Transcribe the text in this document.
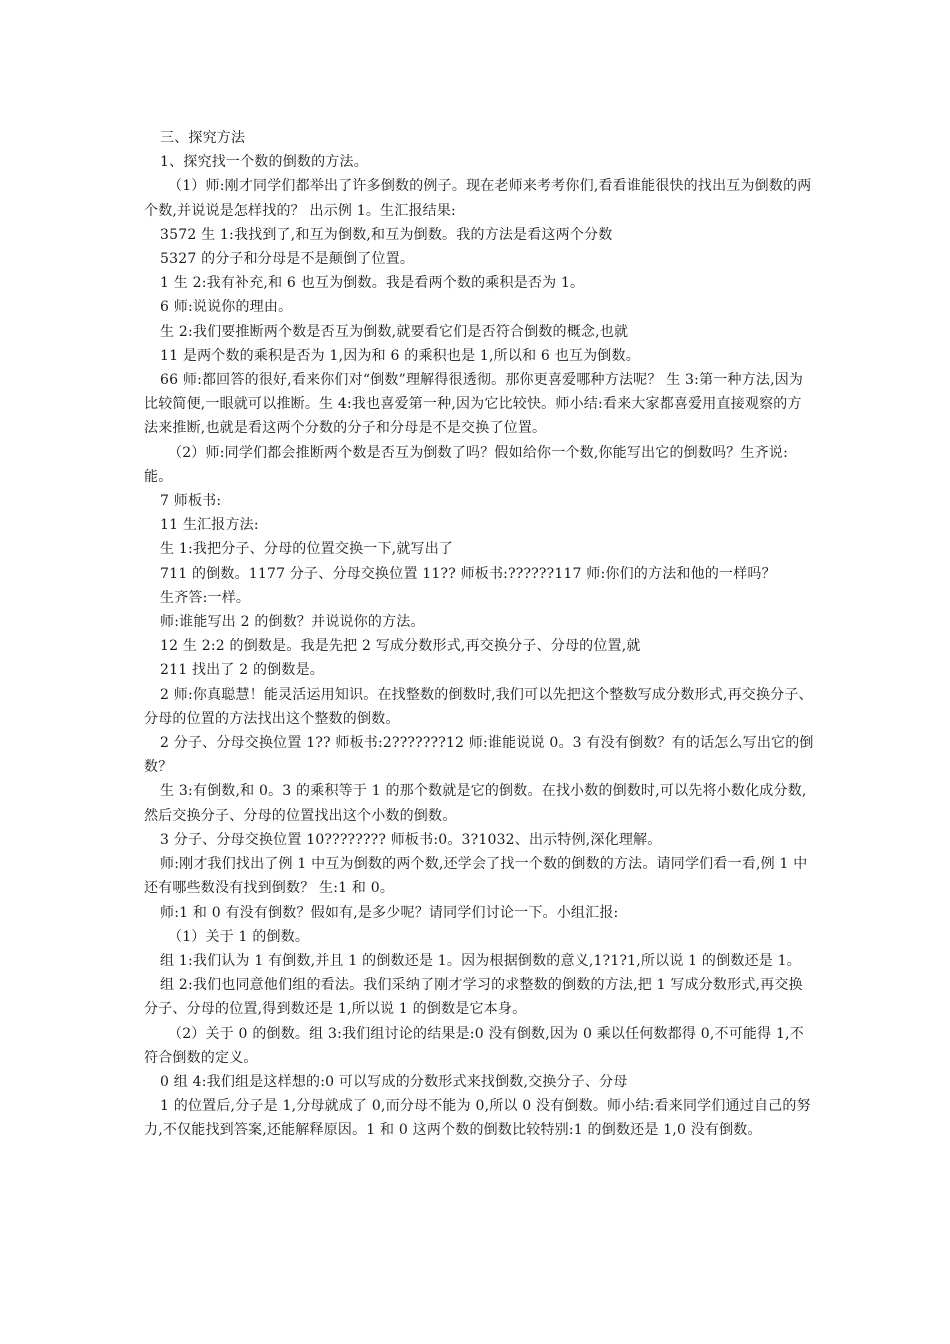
三、探究方法

1、探究找一个数的倒数的方法。

（1）师:刚才同学们都举出了许多倒数的例子。现在老师来考考你们,看看谁能很快的找出互为倒数的两个数,并说说是怎样找的？ 出示例 1。生汇报结果:

3572 生 1:我找到了,和互为倒数,和互为倒数。我的方法是看这两个分数

5327 的分子和分母是不是颠倒了位置。

1 生 2:我有补充,和 6 也互为倒数。我是看两个数的乘积是否为 1。

6 师:说说你的理由。

生 2:我们要推断两个数是否互为倒数,就要看它们是否符合倒数的概念,也就

11 是两个数的乘积是否为 1,因为和 6 的乘积也是 1,所以和 6 也互为倒数。

66 师:都回答的很好,看来你们对“倒数”理解得很透彻。那你更喜爱哪种方法呢？ 生 3:第一种方法,因为比较简便,一眼就可以推断。生 4:我也喜爱第一种,因为它比较快。师小结:看来大家都喜爱用直接观察的方法来推断,也就是看这两个分数的分子和分母是不是交换了位置。

（2）师:同学们都会推断两个数是否互为倒数了吗？假如给你一个数,你能写出它的倒数吗？生齐说:能。

7 师板书:

11 生汇报方法:

生 1:我把分子、分母的位置交换一下,就写出了

711 的倒数。1177 分子、分母交换位置 11?? 师板书:??????117 师:你们的方法和他的一样吗？

生齐答:一样。

师:谁能写出 2 的倒数？并说说你的方法。

12 生 2:2 的倒数是。我是先把 2 写成分数形式,再交换分子、分母的位置,就

211 找出了 2 的倒数是。

2 师:你真聪慧！能灵活运用知识。在找整数的倒数时,我们可以先把这个整数写成分数形式,再交换分子、分母的位置的方法找出这个整数的倒数。

2 分子、分母交换位置 1?? 师板书:2???????12 师:谁能说说 0。3 有没有倒数？有的话怎么写出它的倒数？

生 3:有倒数,和 0。3 的乘积等于 1 的那个数就是它的倒数。在找小数的倒数时,可以先将小数化成分数,然后交换分子、分母的位置找出这个小数的倒数。

3 分子、分母交换位置 10???????? 师板书:0。3?1032、出示特例,深化理解。

师:刚才我们找出了例 1 中互为倒数的两个数,还学会了找一个数的倒数的方法。请同学们看一看,例 1 中还有哪些数没有找到倒数？ 生:1 和 0。

师:1 和 0 有没有倒数？假如有,是多少呢？请同学们讨论一下。小组汇报:

（1）关于 1 的倒数。

组 1:我们认为 1 有倒数,并且 1 的倒数还是 1。因为根据倒数的意义,1?1?1,所以说 1 的倒数还是 1。

组 2:我们也同意他们组的看法。我们采纳了刚才学习的求整数的倒数的方法,把 1 写成分数形式,再交换分子、分母的位置,得到数还是 1,所以说 1 的倒数是它本身。

（2）关于 0 的倒数。组 3:我们组讨论的结果是:0 没有倒数,因为 0 乘以任何数都得 0,不可能得 1,不符合倒数的定义。

0 组 4:我们组是这样想的:0 可以写成的分数形式来找倒数,交换分子、分母

1 的位置后,分子是 1,分母就成了 0,而分母不能为 0,所以 0 没有倒数。师小结:看来同学们通过自己的努力,不仅能找到答案,还能解释原因。1 和 0 这两个数的倒数比较特别:1 的倒数还是 1,0 没有倒数。
